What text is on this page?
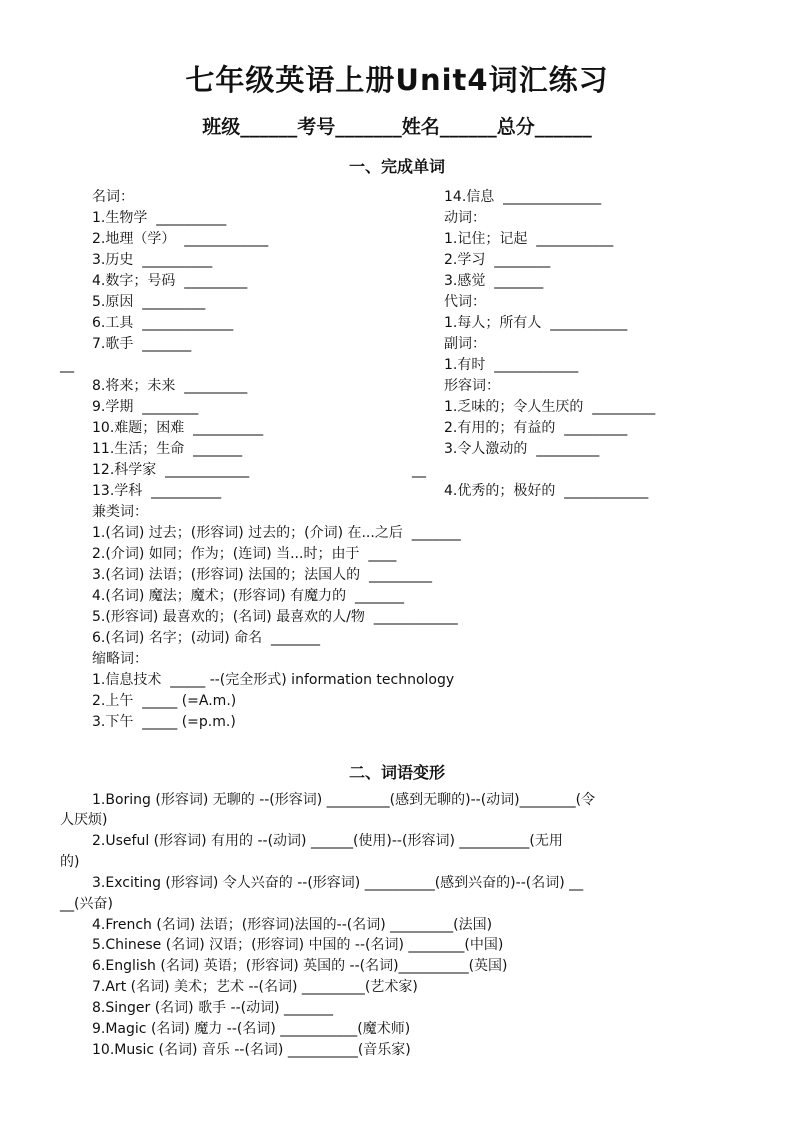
七年级英语上册Unit4词汇练习
班级______考号_______姓名______总分______
一、完成单词
名词：
1.生物学  __________
2.地理（学）  ____________
3.历史  __________
4.数字；号码  _________
5.原因  _________
6.工具  _____________
7.歌手  _______
__
8.将来；未来  _________
9.学期  ________
10.难题；困难  __________
11.生活；生命  _______
12.科学家  ____________
13.学科  __________
兼类词：
1.(名词) 过去；(形容词) 过去的；(介词) 在...之后  _______
2.(介词) 如同；作为；(连词) 当...时；由于  ____
3.(名词) 法语；(形容词) 法国的；法国人的  _________
4.(名词) 魔法；魔术；(形容词) 有魔力的  _______
5.(形容词) 最喜欢的；(名词) 最喜欢的人/物  ____________
6.(名词) 名字；(动词) 命名  _______
缩略词：
1.信息技术  _____ --(完全形式) information technology
2.上午  _____ (=A.m.)
3.下午  _____ (=p.m.)
14.信息  ______________
动词：
1.记住；记起  ___________
2.学习  ________
3.感觉  _______
代词：
1.每人；所有人  ___________
副词：
1.有时  ____________
形容词：
1.乏味的；令人生厌的  _________
2.有用的；有益的  _________
3.令人激动的  _________
__
4.优秀的；极好的  ____________
二、词语变形
1.Boring (形容词) 无聊的 --(形容词) _________(感到无聊的)--(动词)________(令
人厌烦)
2.Useful (形容词) 有用的 --(动词) ______(使用)--(形容词) __________(无用
的)
3.Exciting (形容词) 令人兴奋的 --(形容词) __________(感到兴奋的)--(名词) __
__(兴奋)
4.French (名词) 法语；(形容词)法国的--(名词) _________(法国)
5.Chinese (名词) 汉语；(形容词) 中国的 --(名词) ________(中国)
6.English (名词) 英语；(形容词) 英国的 --(名词)__________(英国)
7.Art (名词) 美术；艺术 --(名词) _________(艺术家)
8.Singer (名词) 歌手 --(动词) _______
9.Magic (名词) 魔力 --(名词) ___________(魔术师)
10.Music (名词) 音乐 --(名词) __________(音乐家)
